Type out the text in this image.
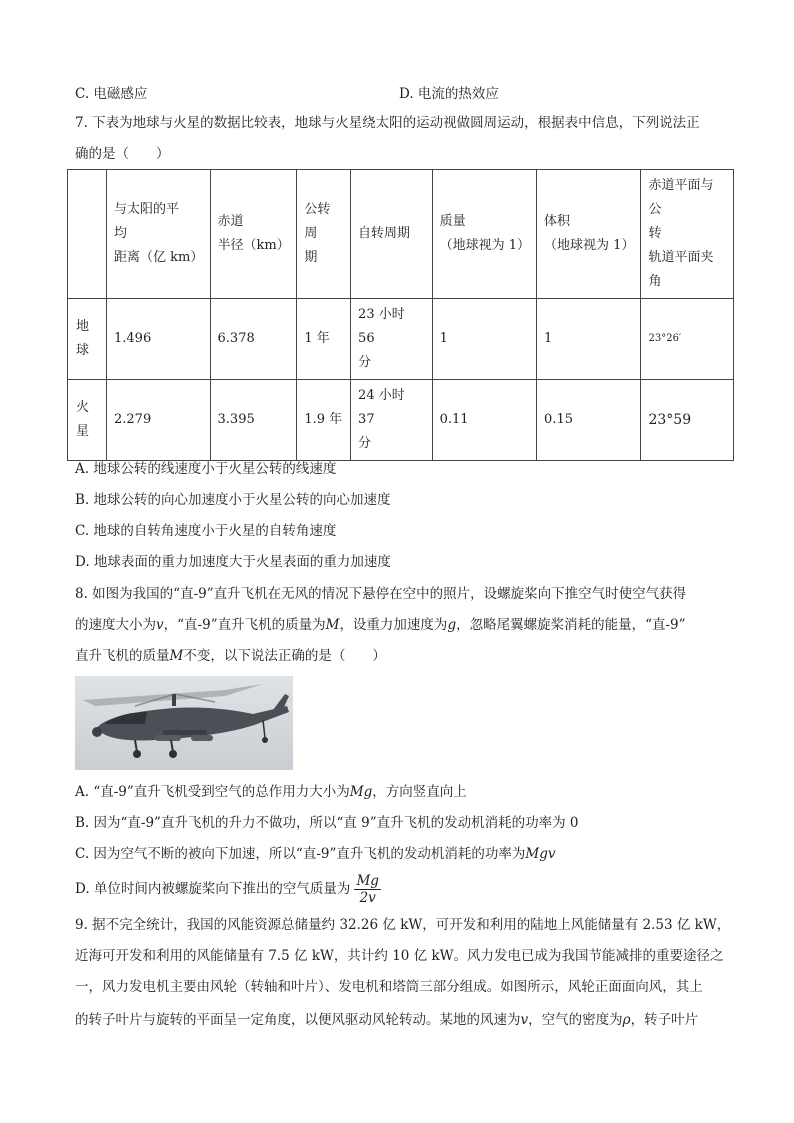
C. 电磁感应	D. 电流的热效应
7. 下表为地球与火星的数据比较表，地球与火星绕太阳的运动视做圆周运动，根据表中信息，下列说法正
确的是（　　）
	与太阳的平
均
距离（亿 km）	赤道
半径（km）	公转周
期	自转周期	质量
（地球视为 1）	体积
（地球视为 1）	赤道平面与公
转
轨道平面夹角
地
球	1.496	6.378	1 年	23 小时 56
分	1	1	23°26′
火
星	2.279	3.395	1.9 年	24 小时 37
分	0.11	0.15	23°59
A. 地球公转的线速度小于火星公转的线速度
B. 地球公转的向心加速度小于火星公转的向心加速度
C. 地球的自转角速度小于火星的自转角速度
D. 地球表面的重力加速度大于火星表面的重力加速度
8. 如图为我国的“直-9”直升飞机在无风的情况下悬停在空中的照片，设螺旋桨向下推空气时使空气获得
的速度大小为v，“直-9”直升飞机的质量为M，设重力加速度为g，忽略尾翼螺旋桨消耗的能量，“直-9”
直升飞机的质量M不变，以下说法正确的是（　　）
A. “直-9”直升飞机受到空气的总作用力大小为Mg，方向竖直向上
B. 因为“直-9”直升飞机的升力不做功，所以“直 9”直升飞机的发动机消耗的功率为 0
C. 因为空气不断的被向下加速，所以“直-9”直升飞机的发动机消耗的功率为Mgv
D. 单位时间内被螺旋桨向下推出的空气质量为 $\frac{Mg}{2v}$
9. 据不完全统计，我国的风能资源总储量约 32.26 亿 kW，可开发和利用的陆地上风能储量有 2.53 亿 kW，
近海可开发和利用的风能储量有 7.5 亿 kW，共计约 10 亿 kW。风力发电已成为我国节能减排的重要途径之
一，风力发电机主要由风轮（转轴和叶片）、发电机和塔筒三部分组成。如图所示，风轮正面面向风，其上
的转子叶片与旋转的平面呈一定角度，以便风驱动风轮转动。某地的风速为v，空气的密度为ρ，转子叶片
